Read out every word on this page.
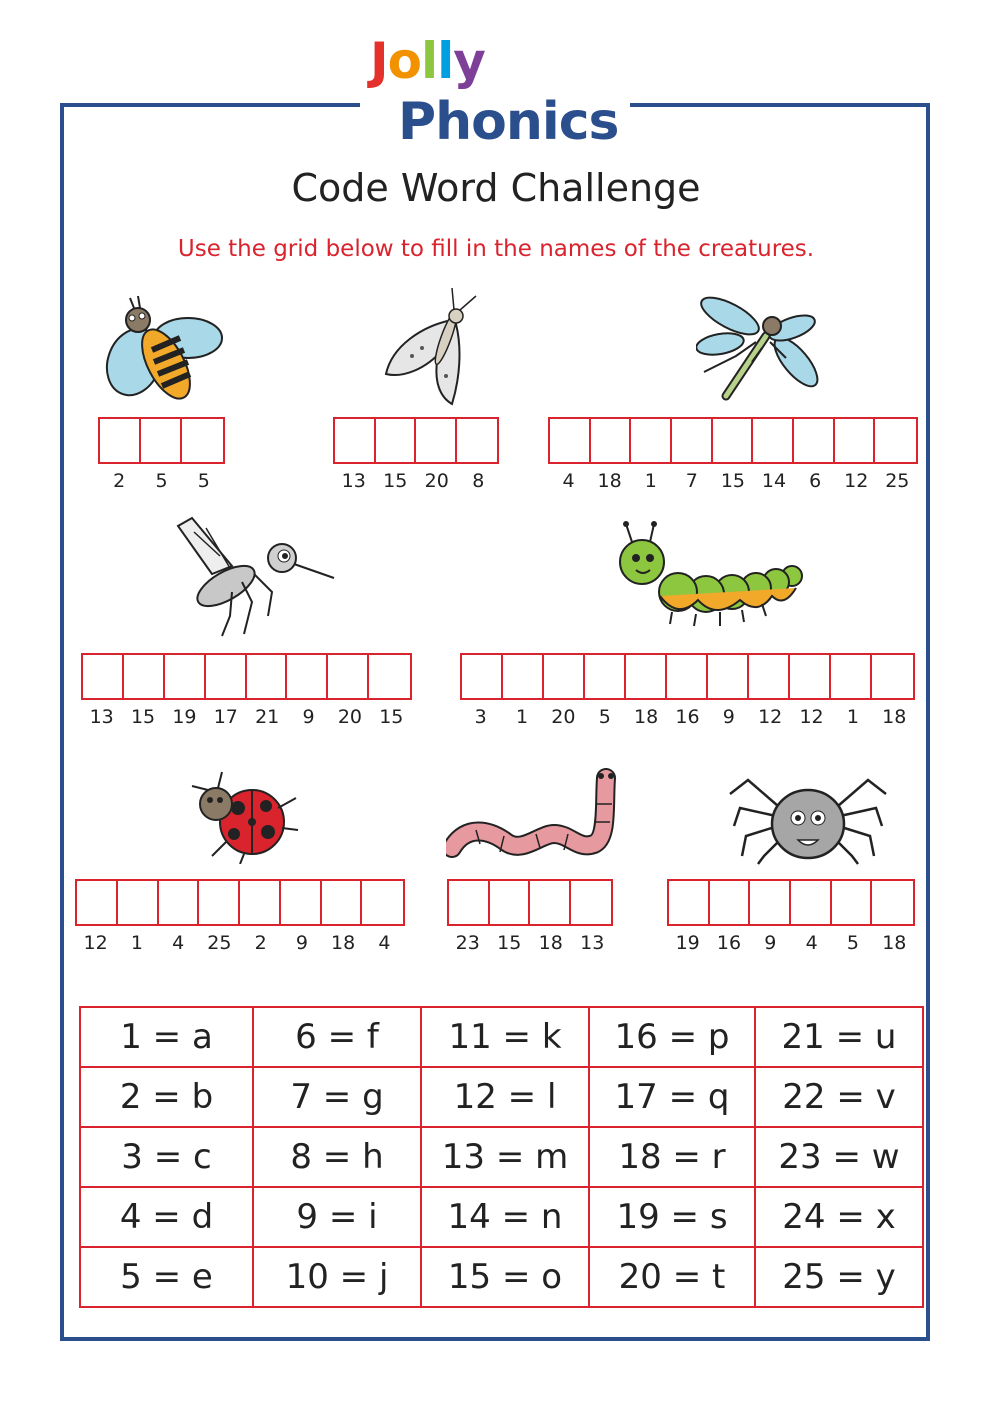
Jolly
Phonics
Code Word Challenge
Use the grid below to fill in the names of the creatures.
2	5	5	13 15 20	8	4	18	1	7	15 14	6	12 25
13 15 19 17 21	9	20 15	3	1	20	5	18 16	9	12 12	1	18
12	1	4	25	2	9	18	4	23 15 18 13	19 16	9	4	5	18
1 = a	6 = f	11 = k	16 = p	21 = u
2 = b	7 = g	12 = l	17 = q	22 = v
3 = c	8 = h	13 = m	18 = r	23 = w
4 = d	9 = i	14 = n	19 = s	24 = x
5 = e	10 = j	15 = o	20 = t	25 = y
